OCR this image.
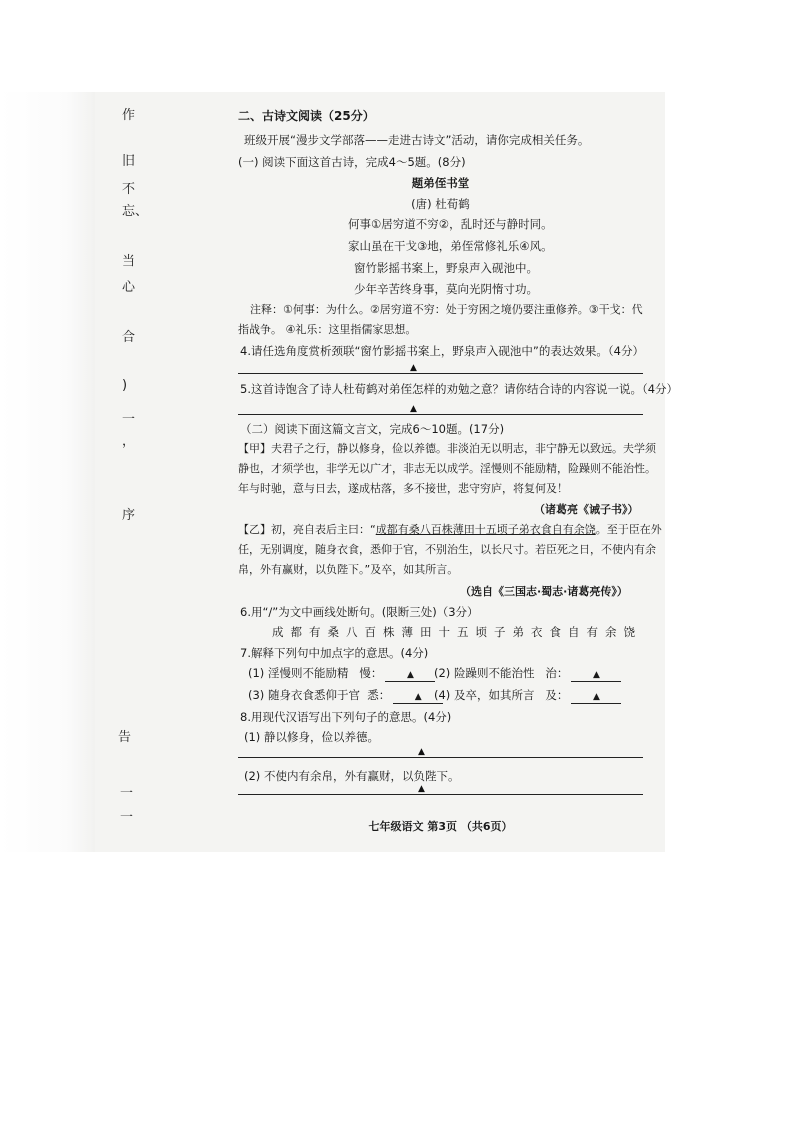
作
旧
不
忘、
当
心
合
)
一
，
序
告
一
一
二、古诗文阅读（25分）
班级开展“漫步文学部落——走进古诗文”活动，请你完成相关任务。
(一) 阅读下面这首古诗，完成4～5题。(8分)
题弟侄书堂
(唐) 杜荀鹤
何事①居穷道不穷②，乱时还与静时同。
家山虽在干戈③地，弟侄常修礼乐④风。
窗竹影摇书案上，野泉声入砚池中。
少年辛苦终身事，莫向光阴惰寸功。
注释：①何事：为什么。②居穷道不穷：处于穷困之境仍要注重修养。③干戈：代
指战争。 ④礼乐：这里指儒家思想。
4.请任选角度赏析颈联“窗竹影摇书案上，野泉声入砚池中”的表达效果。（4分）
▲
5.这首诗饱含了诗人杜荀鹤对弟侄怎样的劝勉之意？请你结合诗的内容说一说。（4分）
▲
（二）阅读下面这篇文言文，完成6～10题。(17分)
【甲】夫君子之行，静以修身，俭以养德。非淡泊无以明志，非宁静无以致远。夫学须
静也，才须学也，非学无以广才，非志无以成学。淫慢则不能励精，险躁则不能治性。
年与时驰，意与日去，遂成枯落，多不接世，悲守穷庐，将复何及！
（诸葛亮《诫子书》）
【乙】初，亮自表后主曰：“成都有桑八百株薄田十五顷子弟衣食自有余饶。至于臣在外
任，无别调度，随身衣食，悉仰于官，不别治生，以长尺寸。若臣死之日，不使内有余
帛，外有赢财，以负陛下。”及卒，如其所言。
（选自《三国志·蜀志·诸葛亮传》）
6.用“/”为文中画线处断句。(限断三处)（3分）
成都有桑八百株薄田十五顷子弟衣食自有余饶
7.解释下列句中加点字的意思。(4分)
(1) 淫慢则不能励精 慢：	▲	(2) 险躁则不能治性 治：	▲
(3) 随身衣食悉仰于官 悉：	▲	(4) 及卒，如其所言 及：	▲
8.用现代汉语写出下列句子的意思。(4分)
(1) 静以修身，俭以养德。
▲
(2) 不使内有余帛，外有赢财，以负陛下。
▲
七年级语文 第3页 （共6页）
